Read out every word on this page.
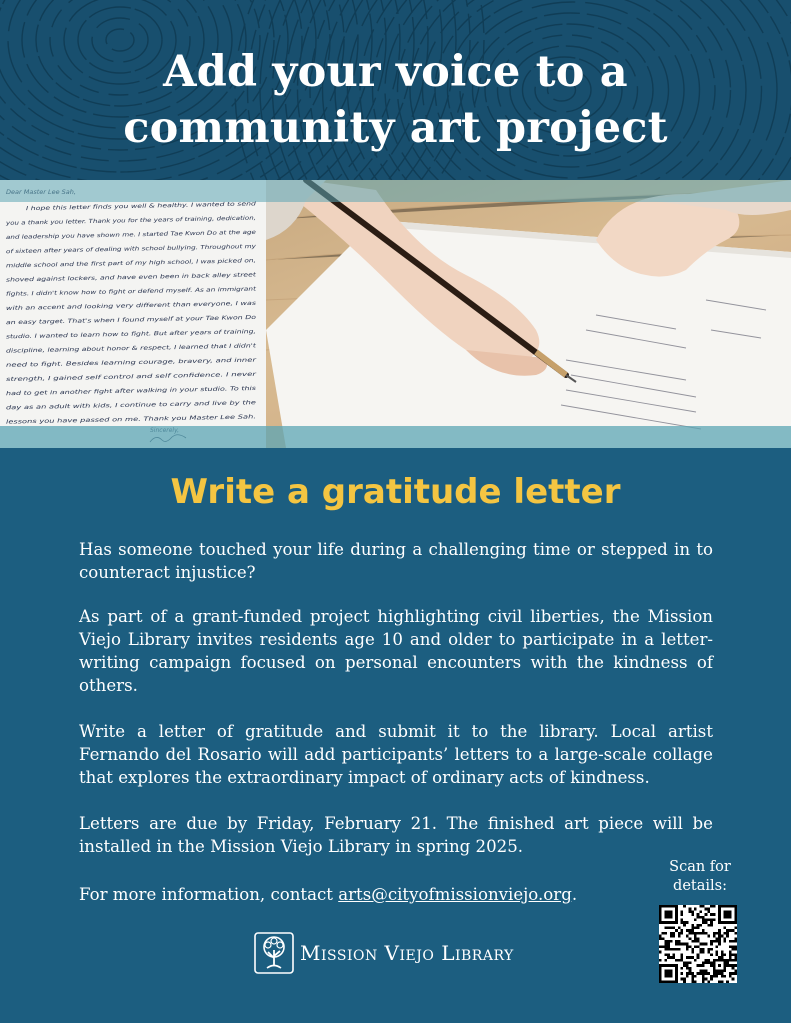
Add your voice to a
community art project
I hope this letter finds you well & healthy. I wanted to send
you a thank you letter. Thank you for the years of training, dedication,
and leadership you have shown me. I started Tae Kwon Do at the age
of sixteen after years of dealing with school bullying. Throughout my
middle school and the first part of my high school, I was picked on,
shoved against lockers, and have even been in back alley street
fights. I didn't know how to fight or defend myself. As an immigrant
with an accent and looking very different than everyone, I was
an easy target. That's when I found myself at your Tae Kwon Do
studio. I wanted to learn how to fight. But after years of training,
discipline, learning about honor & respect, I learned that I didn't
need to fight. Besides learning courage, bravery, and inner
strength, I gained self control and self confidence. I never
had to get in another fight after walking in your studio. To this
day as an adult with kids, I continue to carry and live by the
lessons you have passed on me. Thank you Master Lee Sah.
Write a gratitude letter

Has someone touched your life during a challenging time or stepped in to counteract injustice?

As part of a grant-funded project highlighting civil liberties, the Mission Viejo Library invites residents age 10 and older to participate in a letter-writing campaign focused on personal encounters with the kindness of others.

Write a letter of gratitude and submit it to the library. Local artist Fernando del Rosario will add participants’ letters to a large-scale collage that explores the extraordinary impact of ordinary acts of kindness.

Letters are due by Friday, February 21. The finished art piece will be installed in the Mission Viejo Library in spring 2025.

For more information, contact arts@cityofmissionviejo.org.

Scan for
details:
Mission Viejo Library
